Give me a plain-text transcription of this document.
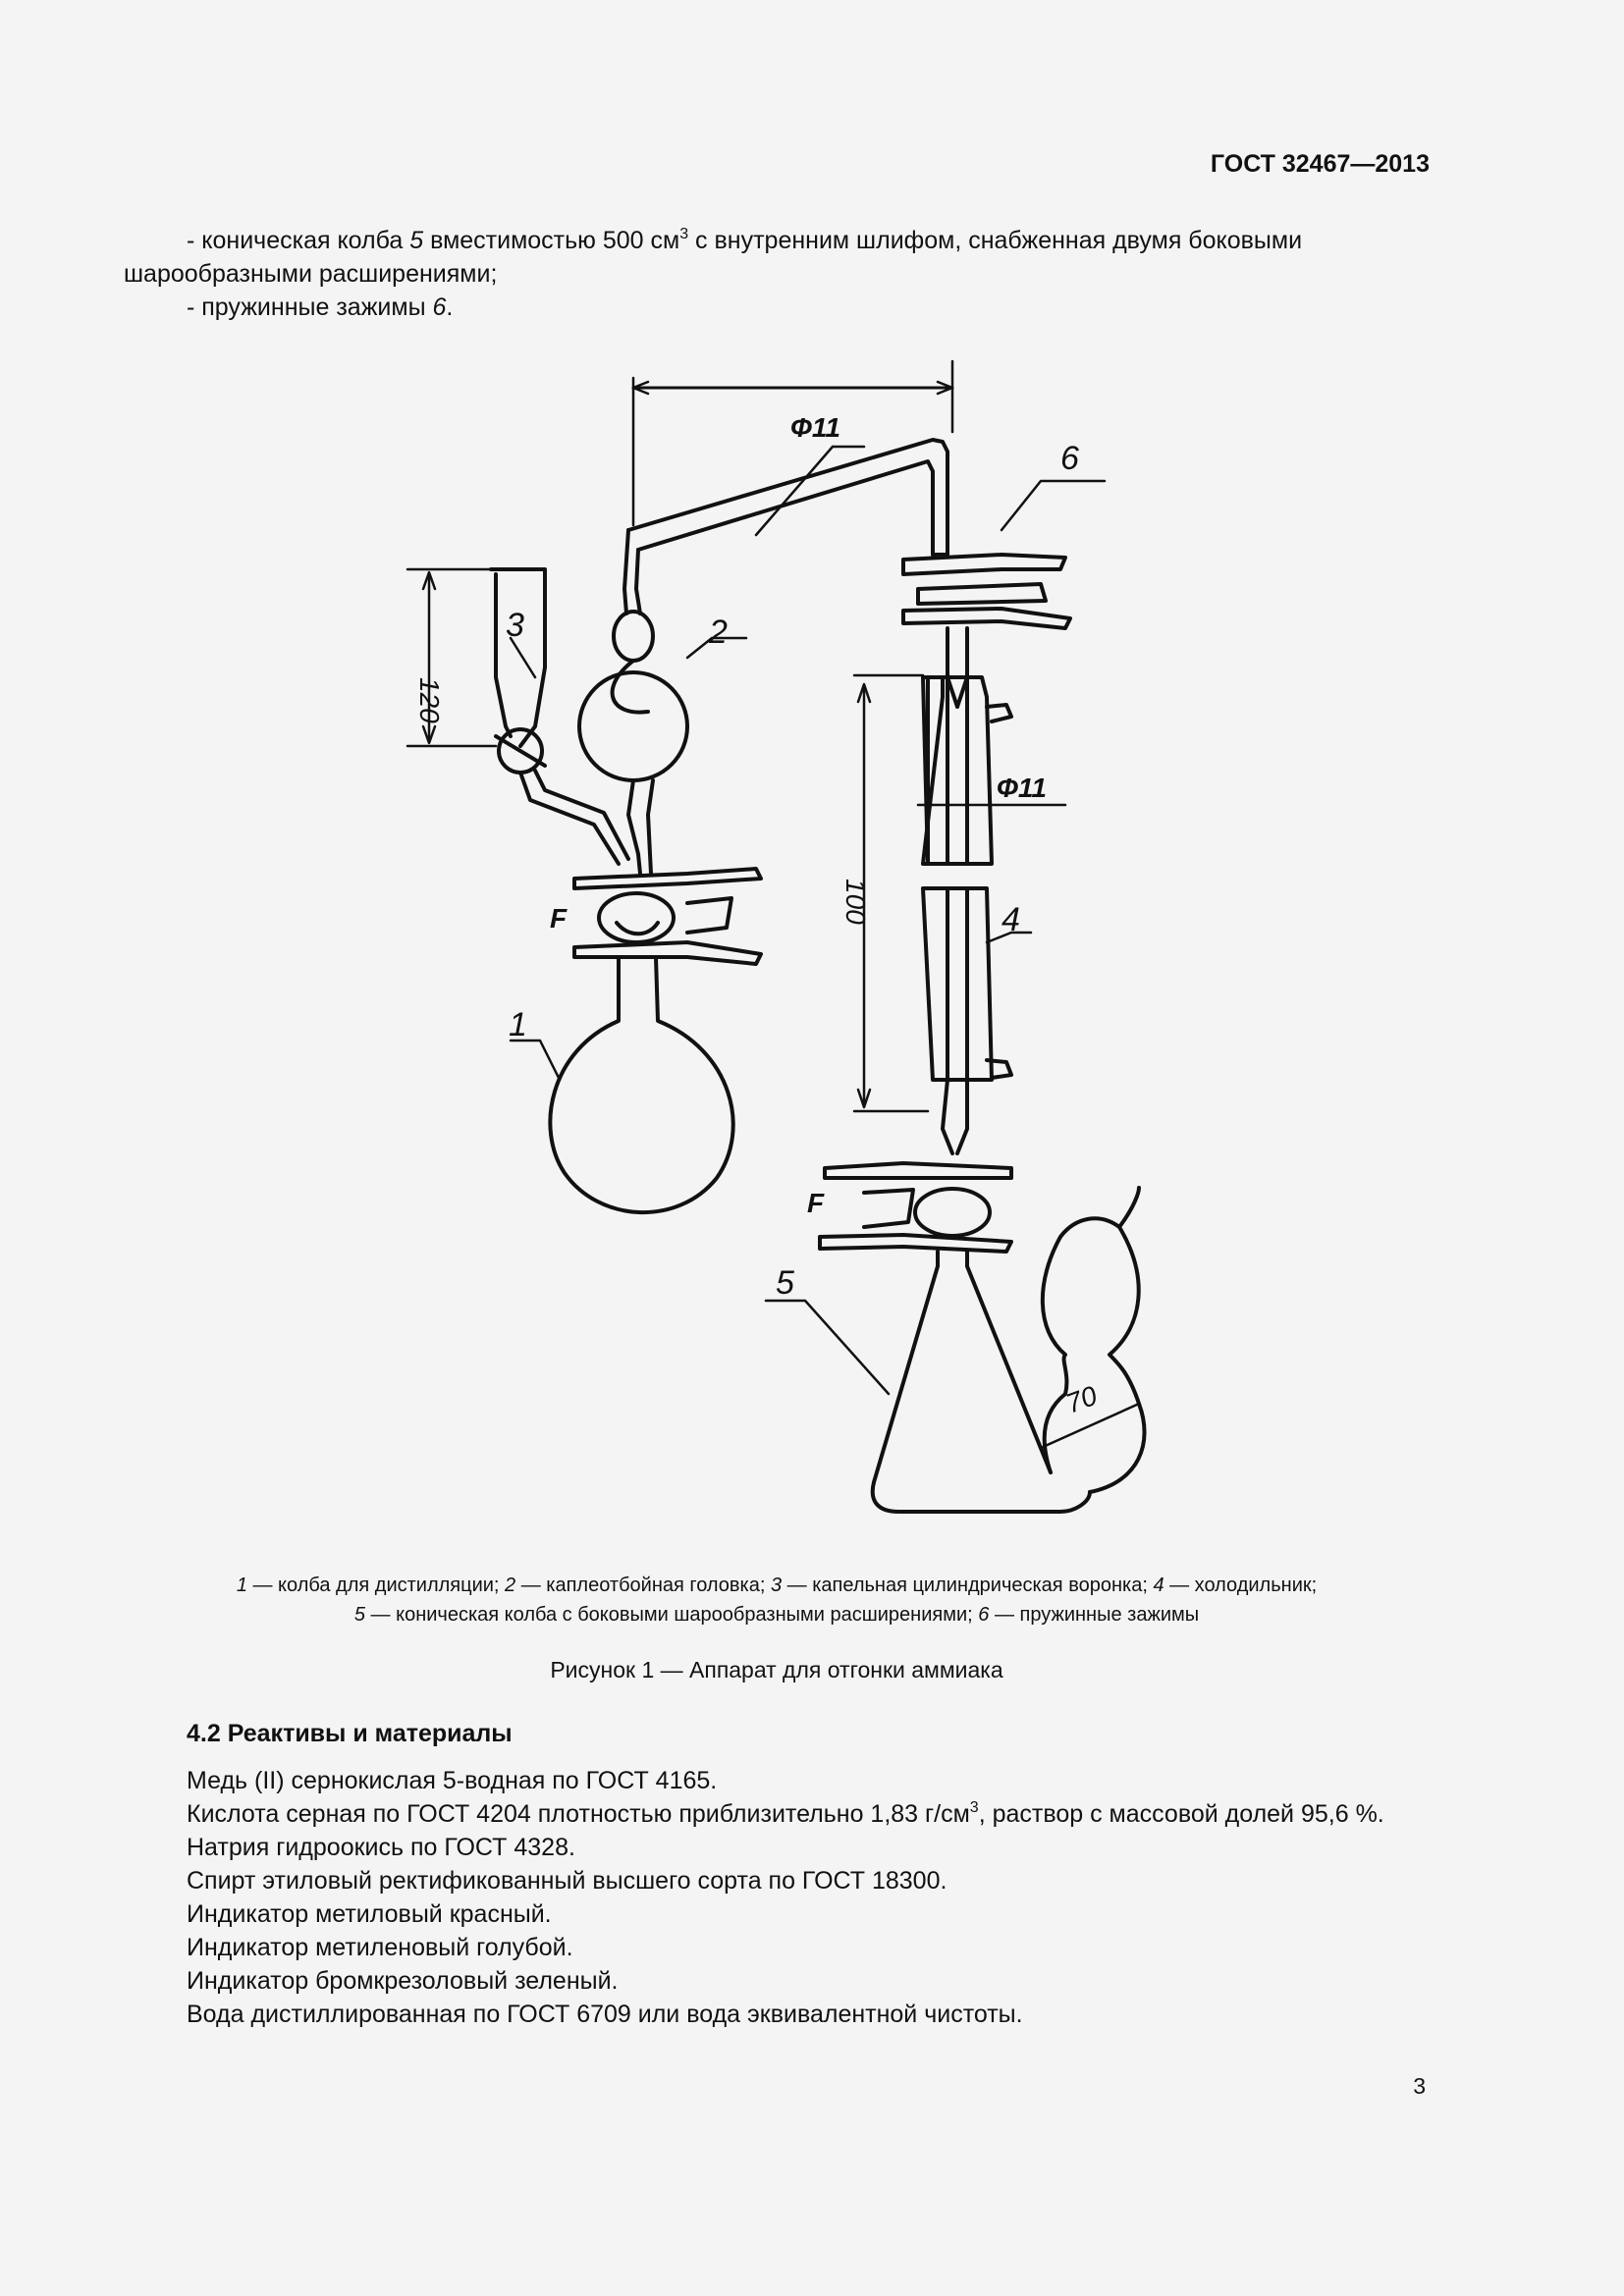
ГОСТ 32467—2013
- коническая колба 5 вместимостью 500 $см^3$ с внутренним шлифом, снабженная двумя боковыми шарообразными расширениями;
- пружинные зажимы 6.
3	2
6
4
1
5
Ф11
Ф11
F
F
120
100
70
1 — колба для дистилляции; 2 — каплеотбойная головка; 3 — капельная цилиндрическая воронка; 4 — холодильник;
5 — коническая колба с боковыми шарообразными расширениями; 6 — пружинные зажимы
Рисунок 1 — Аппарат для отгонки аммиака
4.2 Реактивы и материалы
Медь (II) сернокислая 5-водная по ГОСТ 4165.
Кислота серная по ГОСТ 4204 плотностью приблизительно 1,83 $г/см^3$, раствор с массовой долей 95,6 %.
Натрия гидроокись по ГОСТ 4328.
Спирт этиловый ректификованный высшего сорта по ГОСТ 18300.
Индикатор метиловый красный.
Индикатор метиленовый голубой.
Индикатор бромкрезоловый зеленый.
Вода дистиллированная по ГОСТ 6709 или вода эквивалентной чистоты.
3
